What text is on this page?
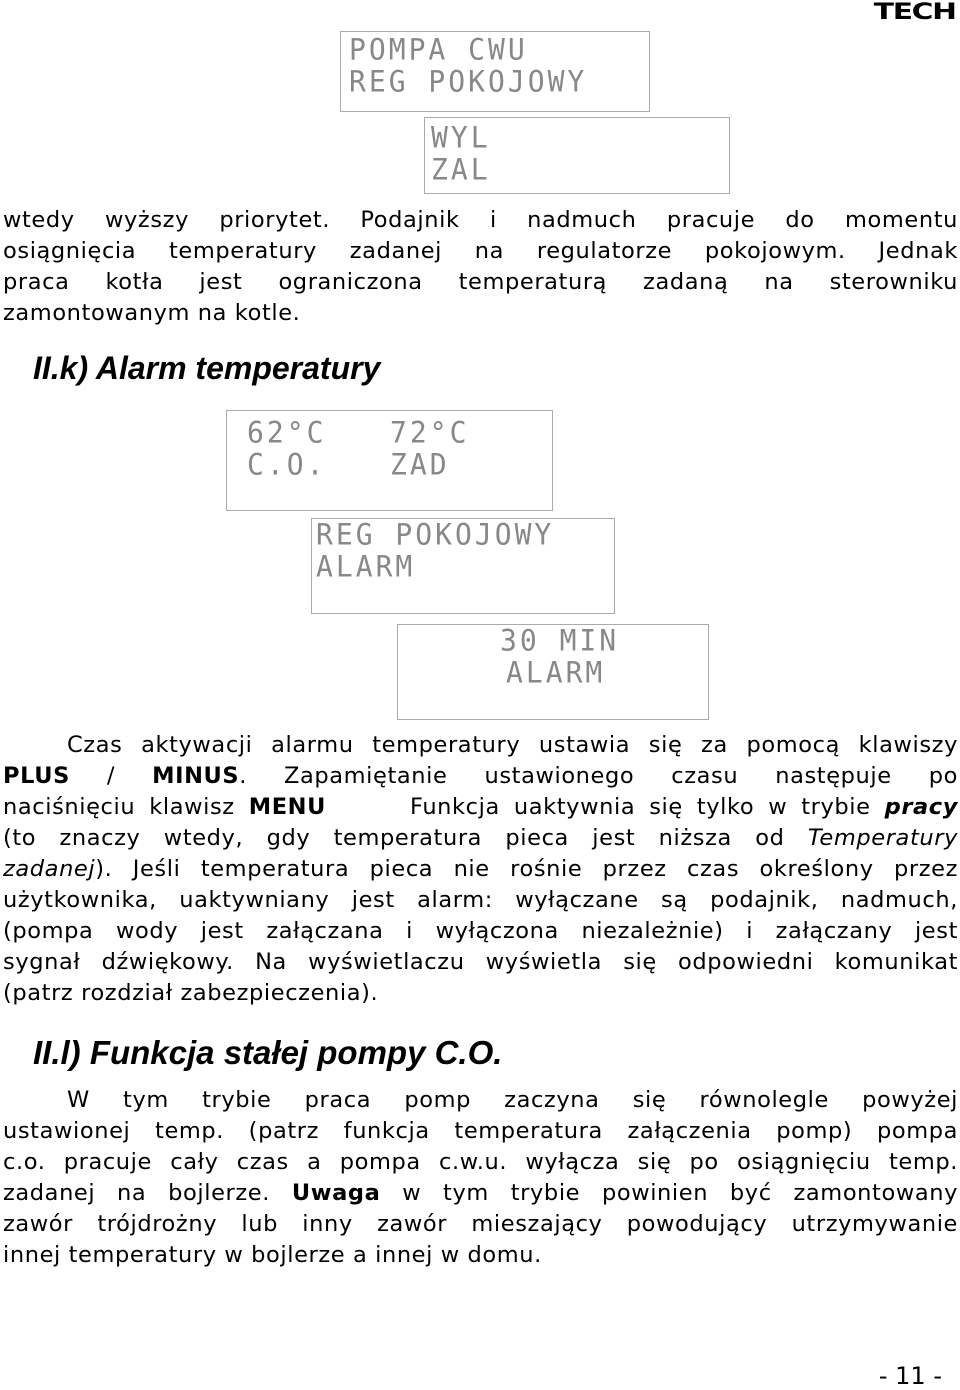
TECH
POMPA CWU
REG POKOJOWY
WYL
ZAL
wtedy wyższy priorytet. Podajnik i nadmuch pracuje do momentu
osiągnięcia temperatury zadanej na regulatorze pokojowym. Jednak
praca kotła jest ograniczona temperaturą zadaną na sterowniku
zamontowanym na kotle.
II.k) Alarm temperatury
62°C 72°C
C.O. ZAD
REG POKOJOWY
ALARM
30 MIN
ALARM
Czas aktywacji alarmu temperatury ustawia się za pomocą klawiszy
PLUS / MINUS. Zapamiętanie ustawionego czasu następuje po
naciśnięciu klawisz MENU      Funkcja uaktywnia się tylko w trybie pracy
(to znaczy wtedy, gdy temperatura pieca jest niższa od Temperatury
zadanej). Jeśli temperatura pieca nie rośnie przez czas określony przez
użytkownika, uaktywniany jest alarm: wyłączane są podajnik, nadmuch,
(pompa wody jest załączana i wyłączona niezależnie) i załączany jest
sygnał dźwiękowy. Na wyświetlaczu wyświetla się odpowiedni komunikat
(patrz rozdział zabezpieczenia).
II.l) Funkcja stałej pompy C.O.
W tym trybie praca pomp zaczyna się równolegle powyżej
ustawionej temp. (patrz funkcja temperatura załączenia pomp) pompa
c.o. pracuje cały czas a pompa c.w.u. wyłącza się po osiągnięciu temp.
zadanej na bojlerze. Uwaga w tym trybie powinien być zamontowany
zawór trójdrożny lub inny zawór mieszający powodujący utrzymywanie
innej temperatury w bojlerze a innej w domu.
- 11 -
